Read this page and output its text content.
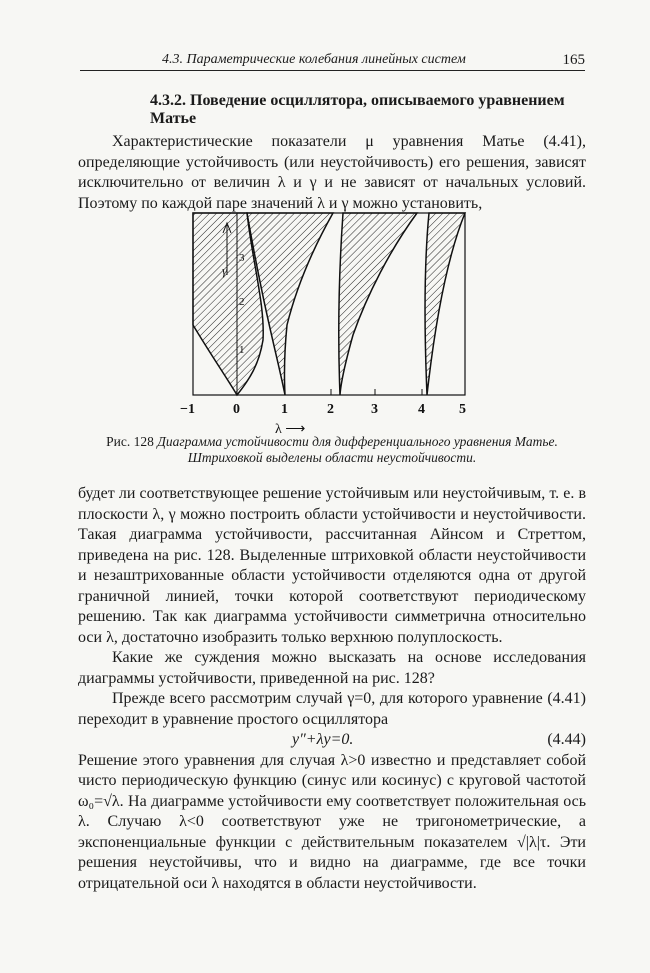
4.3. Параметрические колебания линейных систем	165
4.3.2. Поведение осциллятора, описываемого уравнением Матье

Характеристические показатели μ уравнения Матье (4.41), определяющие устойчивость (или неустойчивость) его решения, зависят исключительно от величин λ и γ и не зависят от начальных условий. Поэтому по каждой паре значений λ и γ можно установить,

γ
1
2
3
−1	0	1	2	3	4 5
λ ⟶
Рис. 128 Диаграмма устойчивости для дифференциального уравнения Матье. Штриховкой выделены области неустойчивости.

будет ли соответствующее решение устойчивым или неустойчивым, т. е. в плоскости λ, γ можно построить области устойчивости и неустойчивости. Такая диаграмма устойчивости, рассчитанная Айнсом и Стреттом, приведена на рис. 128. Выделенные штриховкой области неустойчивости и незаштрихованные области устойчивости отделяются одна от другой граничной линией, точки которой соответствуют периодическому решению. Так как диаграмма устойчивости симметрична относительно оси λ, достаточно изобразить только верхнюю полуплоскость.

Какие же суждения можно высказать на основе исследования диаграммы устойчивости, приведенной на рис. 128?

Прежде всего рассмотрим случай γ=0, для которого уравнение (4.41) переходит в уравнение простого осциллятора

y″+λy=0.	(4.44)

Решение этого уравнения для случая λ>0 известно и представляет собой чисто периодическую функцию (синус или косинус) с круговой частотой ω₀=√λ. На диаграмме устойчивости ему соответствует положительная ось λ. Случаю λ<0 соответствуют уже не тригонометрические, а экспоненциальные функции с действительным показателем √|λ|τ. Эти решения неустойчивы, что и видно на диаграмме, где все точки отрицательной оси λ находятся в области неустойчивости.
